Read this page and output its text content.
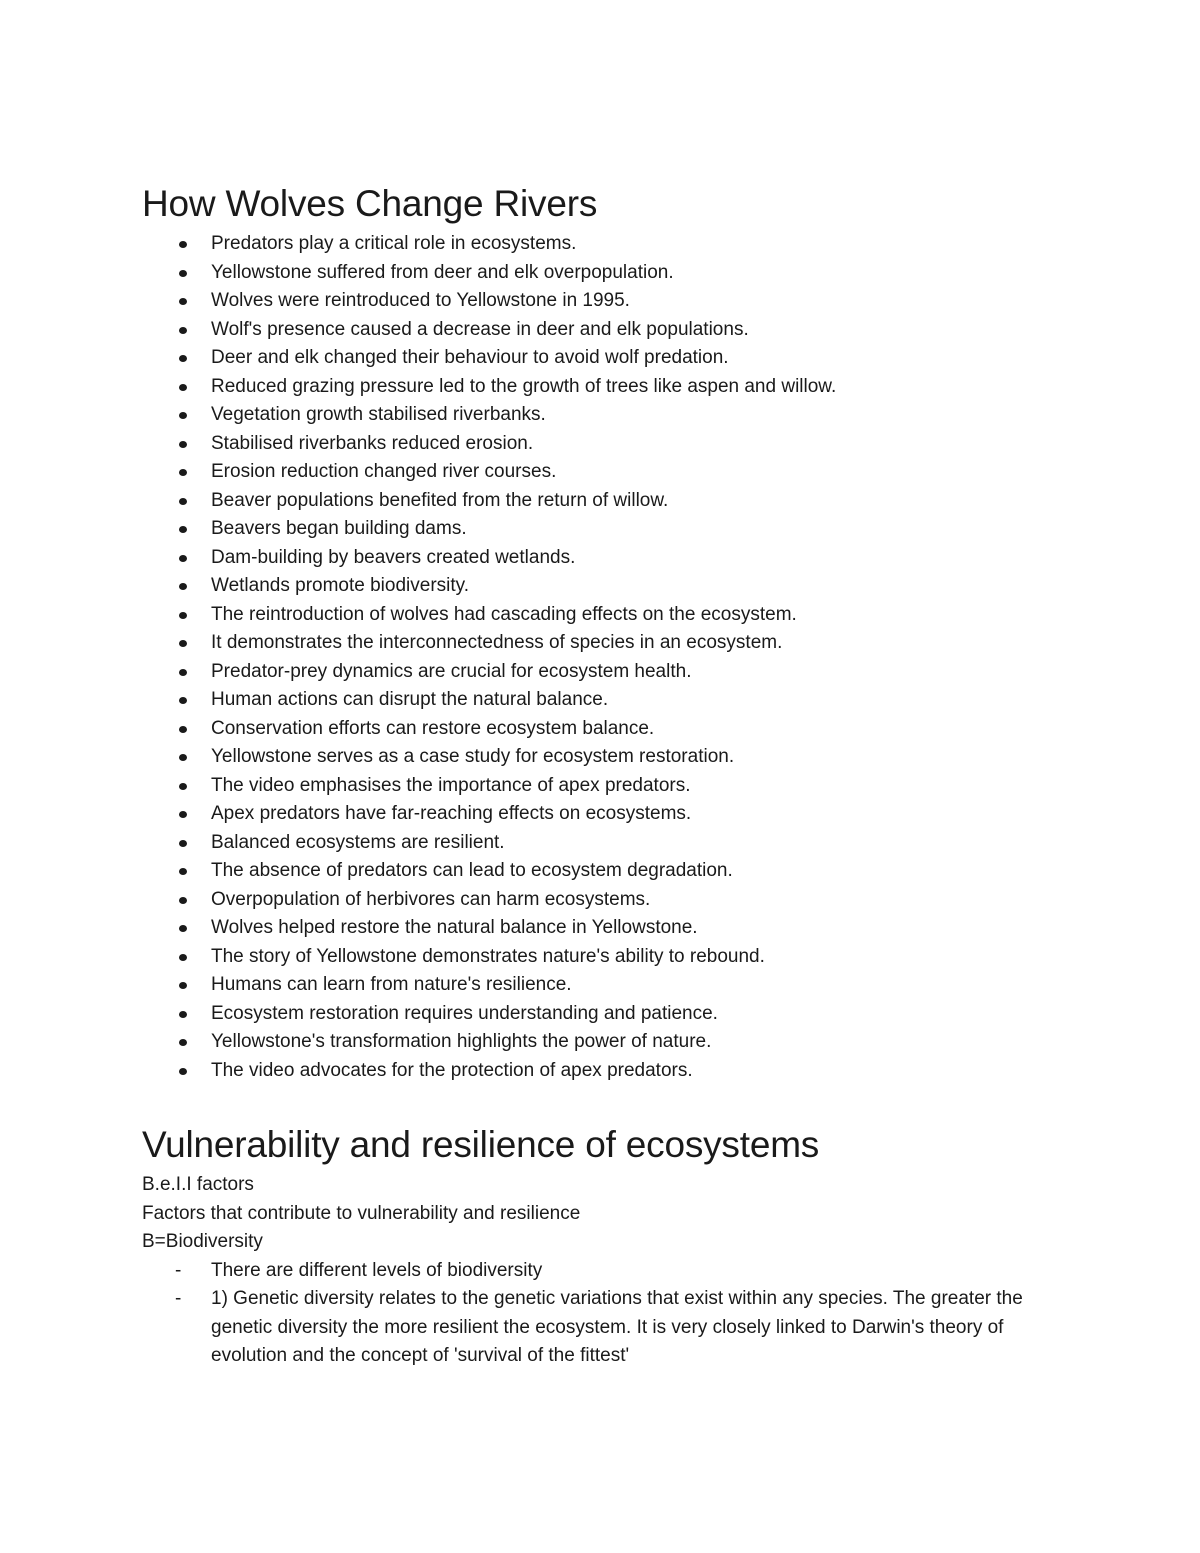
How Wolves Change Rivers
Predators play a critical role in ecosystems.
Yellowstone suffered from deer and elk overpopulation.
Wolves were reintroduced to Yellowstone in 1995.
Wolf's presence caused a decrease in deer and elk populations.
Deer and elk changed their behaviour to avoid wolf predation.
Reduced grazing pressure led to the growth of trees like aspen and willow.
Vegetation growth stabilised riverbanks.
Stabilised riverbanks reduced erosion.
Erosion reduction changed river courses.
Beaver populations benefited from the return of willow.
Beavers began building dams.
Dam-building by beavers created wetlands.
Wetlands promote biodiversity.
The reintroduction of wolves had cascading effects on the ecosystem.
It demonstrates the interconnectedness of species in an ecosystem.
Predator-prey dynamics are crucial for ecosystem health.
Human actions can disrupt the natural balance.
Conservation efforts can restore ecosystem balance.
Yellowstone serves as a case study for ecosystem restoration.
The video emphasises the importance of apex predators.
Apex predators have far-reaching effects on ecosystems.
Balanced ecosystems are resilient.
The absence of predators can lead to ecosystem degradation.
Overpopulation of herbivores can harm ecosystems.
Wolves helped restore the natural balance in Yellowstone.
The story of Yellowstone demonstrates nature's ability to rebound.
Humans can learn from nature's resilience.
Ecosystem restoration requires understanding and patience.
Yellowstone's transformation highlights the power of nature.
The video advocates for the protection of apex predators.
Vulnerability and resilience of ecosystems

B.e.I.I factors

Factors that contribute to vulnerability and resilience

B=Biodiversity

- There are different levels of biodiversity
- 1) Genetic diversity relates to the genetic variations that exist within any species. The greater the genetic diversity the more resilient the ecosystem. It is very closely linked to Darwin's theory of evolution and the concept of 'survival of the fittest'
